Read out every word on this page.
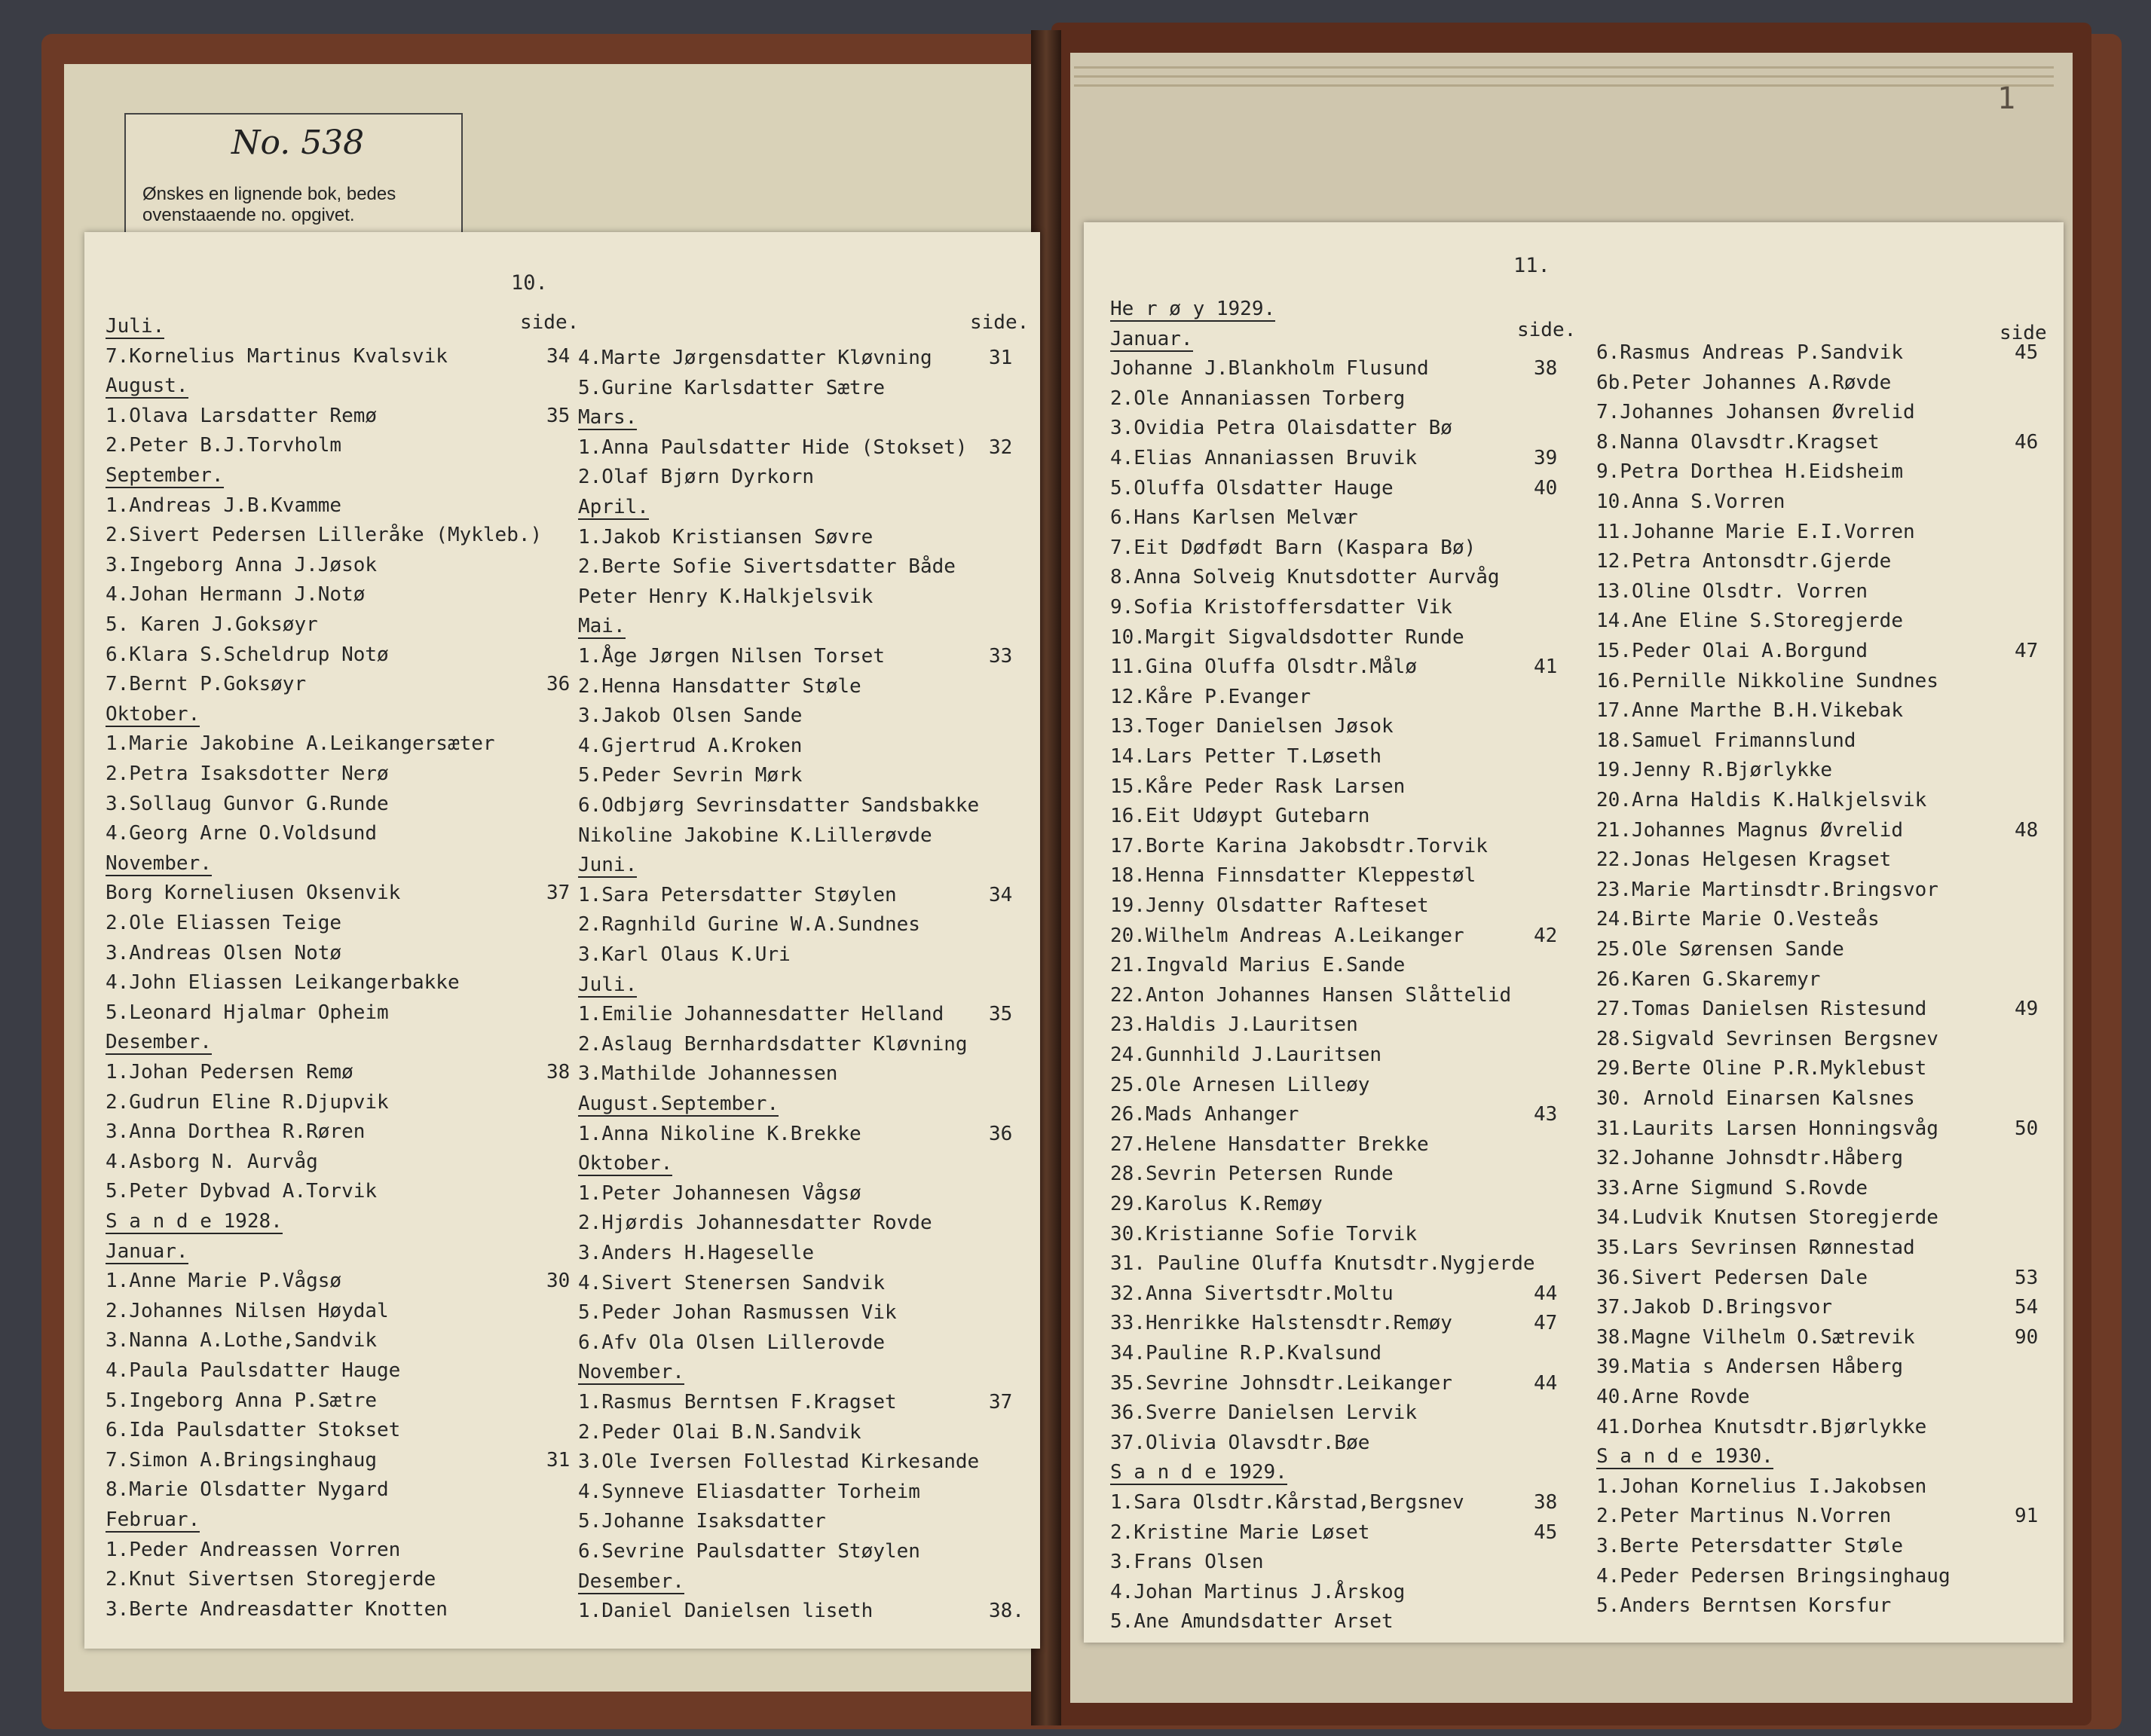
1
No. 538
Ønskes en lignende bok, bedes ovenstaaende no. opgivet.
10.
side.
Juli.
7.Kornelius Martinus Kvalsvik	34
August.
1.Olava Larsdatter Remø	35
2.Peter B.J.Torvholm
September.
1.Andreas J.B.Kvamme
2.Sivert Pedersen Lilleråke (Mykleb.)
3.Ingeborg Anna J.Jøsok
4.Johan Hermann J.Notø
5. Karen J.Goksøyr
6.Klara S.Scheldrup Notø
7.Bernt P.Goksøyr	36
Oktober.
1.Marie Jakobine A.Leikangersæter
2.Petra Isaksdotter Nerø
3.Sollaug Gunvor G.Runde
4.Georg Arne O.Voldsund
November.
Borg Korneliusen Oksenvik	37
2.Ole Eliassen Teige
3.Andreas Olsen Notø
4.John Eliassen Leikangerbakke
5.Leonard Hjalmar Opheim
Desember.
1.Johan Pedersen Remø	38
2.Gudrun Eline R.Djupvik
3.Anna Dorthea R.Røren
4.Asborg N. Aurvåg
5.Peter Dybvad A.Torvik
S a n d e 1928.
Januar.
1.Anne Marie P.Vågsø	30
2.Johannes Nilsen Høydal
3.Nanna A.Lothe,Sandvik
4.Paula Paulsdatter Hauge
5.Ingeborg Anna P.Sætre
6.Ida Paulsdatter Stokset
7.Simon A.Bringsinghaug	31
8.Marie Olsdatter Nygard
Februar.
1.Peder Andreassen Vorren
2.Knut Sivertsen Storegjerde
3.Berte Andreasdatter Knotten
side.
4.Marte Jørgensdatter Kløvning	31
5.Gurine Karlsdatter Sætre
Mars.
1.Anna Paulsdatter Hide (Stokset) 32
2.Olaf Bjørn Dyrkorn
April.
1.Jakob Kristiansen Søvre
2.Berte Sofie Sivertsdatter Både
Peter Henry K.Halkjelsvik
Mai.
1.Åge Jørgen Nilsen Torset	33
2.Henna Hansdatter Støle
3.Jakob Olsen Sande
4.Gjertrud A.Kroken
5.Peder Sevrin Mørk
6.Odbjørg Sevrinsdatter Sandsbakke
Nikoline Jakobine K.Lillerøvde
Juni.
1.Sara Petersdatter Støylen	34
2.Ragnhild Gurine W.A.Sundnes
3.Karl Olaus K.Uri
Juli.
1.Emilie Johannesdatter Helland 35
2.Aslaug Bernhardsdatter Kløvning
3.Mathilde Johannessen
August.September.
1.Anna Nikoline K.Brekke	36
Oktober.
1.Peter Johannesen Vågsø
2.Hjørdis Johannesdatter Rovde
3.Anders H.Hageselle
4.Sivert Stenersen Sandvik
5.Peder Johan Rasmussen Vik
6.Afv Ola Olsen Lillerovde
November.
1.Rasmus Berntsen F.Kragset	37
2.Peder Olai B.N.Sandvik
3.Ole Iversen Follestad Kirkesande
4.Synneve Eliasdatter Torheim
5.Johanne Isaksdatter
6.Sevrine Paulsdatter Støylen
Desember.
1.Daniel Danielsen liseth	38.
11.
side.
He r ø y 1929.
Januar.
Johanne J.Blankholm Flusund	38
2.Ole Annaniassen Torberg
3.Ovidia Petra Olaisdatter Bø
4.Elias Annaniassen Bruvik	39
5.Oluffa Olsdatter Hauge	40
6.Hans Karlsen Melvær
7.Eit Dødfødt Barn (Kaspara Bø)
8.Anna Solveig Knutsdotter Aurvåg
9.Sofia Kristoffersdatter Vik
10.Margit Sigvaldsdotter Runde
11.Gina Oluffa Olsdtr.Målø	41
12.Kåre P.Evanger
13.Toger Danielsen Jøsok
14.Lars Petter T.Løseth
15.Kåre Peder Rask Larsen
16.Eit Udøypt Gutebarn
17.Borte Karina Jakobsdtr.Torvik
18.Henna Finnsdatter Kleppestøl
19.Jenny Olsdatter Rafteset
20.Wilhelm Andreas A.Leikanger	42
21.Ingvald Marius E.Sande
22.Anton Johannes Hansen Slåttelid
23.Haldis J.Lauritsen
24.Gunnhild J.Lauritsen
25.Ole Arnesen Lilleøy
26.Mads Anhanger	43
27.Helene Hansdatter Brekke
28.Sevrin Petersen Runde
29.Karolus K.Remøy
30.Kristianne Sofie Torvik
31. Pauline Oluffa Knutsdtr.Nygjerde
32.Anna Sivertsdtr.Moltu	44
33.Henrikke Halstensdtr.Remøy	47
34.Pauline R.P.Kvalsund
35.Sevrine Johnsdtr.Leikanger	44
36.Sverre Danielsen Lervik
37.Olivia Olavsdtr.Bøe
S a n d e 1929.
1.Sara Olsdtr.Kårstad,Bergsnev	38
2.Kristine Marie Løset	45
3.Frans Olsen
4.Johan Martinus J.Årskog
5.Ane Amundsdatter Arset
side
6.Rasmus Andreas P.Sandvik	45
6b.Peter Johannes A.Røvde
7.Johannes Johansen Øvrelid
8.Nanna Olavsdtr.Kragset	46
9.Petra Dorthea H.Eidsheim
10.Anna S.Vorren
11.Johanne Marie E.I.Vorren
12.Petra Antonsdtr.Gjerde
13.Oline Olsdtr. Vorren
14.Ane Eline S.Storegjerde
15.Peder Olai A.Borgund	47
16.Pernille Nikkoline Sundnes
17.Anne Marthe B.H.Vikebak
18.Samuel Frimannslund
19.Jenny R.Bjørlykke
20.Arna Haldis K.Halkjelsvik
21.Johannes Magnus Øvrelid	48
22.Jonas Helgesen Kragset
23.Marie Martinsdtr.Bringsvor
24.Birte Marie O.Vesteås
25.Ole Sørensen Sande
26.Karen G.Skaremyr
27.Tomas Danielsen Ristesund	49
28.Sigvald Sevrinsen Bergsnev
29.Berte Oline P.R.Myklebust
30. Arnold Einarsen Kalsnes
31.Laurits Larsen Honningsvåg	50
32.Johanne Johnsdtr.Håberg
33.Arne Sigmund S.Rovde
34.Ludvik Knutsen Storegjerde
35.Lars Sevrinsen Rønnestad
36.Sivert Pedersen Dale	53
37.Jakob D.Bringsvor	54
38.Magne Vilhelm O.Sætrevik	90
39.Matia s Andersen Håberg
40.Arne Rovde
41.Dorhea Knutsdtr.Bjørlykke
S a n d e 1930.
1.Johan Kornelius I.Jakobsen
2.Peter Martinus N.Vorren	91
3.Berte Petersdatter Støle
4.Peder Pedersen Bringsinghaug
5.Anders Berntsen Korsfur
